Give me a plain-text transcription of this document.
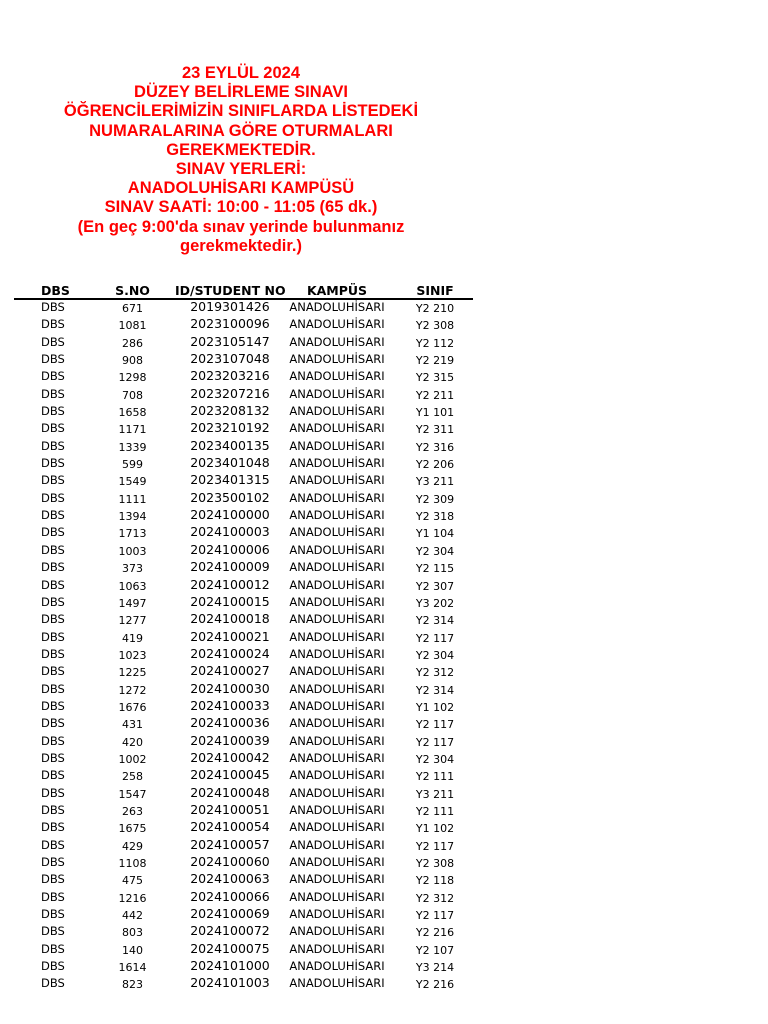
23 EYLÜL 2024
DÜZEY BELİRLEME SINAVI
ÖĞRENCİLERİMİZİN SINIFLARDA LİSTEDEKİ
NUMARALARINA GÖRE OTURMALARI
GEREKMEKTEDİR.
SINAV YERLERİ:
ANADOLUHİSARI KAMPÜSÜ
SINAV SAATİ: 10:00 - 11:05 (65 dk.)
(En geç 9:00'da sınav yerinde bulunmanız
gerekmektedir.)
DBS	S.NO	ID/STUDENT NO	KAMPÜS	SINIF
DBS	671	2019301426	ANADOLUHİSARI	Y2 210
DBS	1081	2023100096	ANADOLUHİSARI	Y2 308
DBS	286	2023105147	ANADOLUHİSARI	Y2 112
DBS	908	2023107048	ANADOLUHİSARI	Y2 219
DBS	1298	2023203216	ANADOLUHİSARI	Y2 315
DBS	708	2023207216	ANADOLUHİSARI	Y2 211
DBS	1658	2023208132	ANADOLUHİSARI	Y1 101
DBS	1171	2023210192	ANADOLUHİSARI	Y2 311
DBS	1339	2023400135	ANADOLUHİSARI	Y2 316
DBS	599	2023401048	ANADOLUHİSARI	Y2 206
DBS	1549	2023401315	ANADOLUHİSARI	Y3 211
DBS	1111	2023500102	ANADOLUHİSARI	Y2 309
DBS	1394	2024100000	ANADOLUHİSARI	Y2 318
DBS	1713	2024100003	ANADOLUHİSARI	Y1 104
DBS	1003	2024100006	ANADOLUHİSARI	Y2 304
DBS	373	2024100009	ANADOLUHİSARI	Y2 115
DBS	1063	2024100012	ANADOLUHİSARI	Y2 307
DBS	1497	2024100015	ANADOLUHİSARI	Y3 202
DBS	1277	2024100018	ANADOLUHİSARI	Y2 314
DBS	419	2024100021	ANADOLUHİSARI	Y2 117
DBS	1023	2024100024	ANADOLUHİSARI	Y2 304
DBS	1225	2024100027	ANADOLUHİSARI	Y2 312
DBS	1272	2024100030	ANADOLUHİSARI	Y2 314
DBS	1676	2024100033	ANADOLUHİSARI	Y1 102
DBS	431	2024100036	ANADOLUHİSARI	Y2 117
DBS	420	2024100039	ANADOLUHİSARI	Y2 117
DBS	1002	2024100042	ANADOLUHİSARI	Y2 304
DBS	258	2024100045	ANADOLUHİSARI	Y2 111
DBS	1547	2024100048	ANADOLUHİSARI	Y3 211
DBS	263	2024100051	ANADOLUHİSARI	Y2 111
DBS	1675	2024100054	ANADOLUHİSARI	Y1 102
DBS	429	2024100057	ANADOLUHİSARI	Y2 117
DBS	1108	2024100060	ANADOLUHİSARI	Y2 308
DBS	475	2024100063	ANADOLUHİSARI	Y2 118
DBS	1216	2024100066	ANADOLUHİSARI	Y2 312
DBS	442	2024100069	ANADOLUHİSARI	Y2 117
DBS	803	2024100072	ANADOLUHİSARI	Y2 216
DBS	140	2024100075	ANADOLUHİSARI	Y2 107
DBS	1614	2024101000	ANADOLUHİSARI	Y3 214
DBS	823	2024101003	ANADOLUHİSARI	Y2 216
